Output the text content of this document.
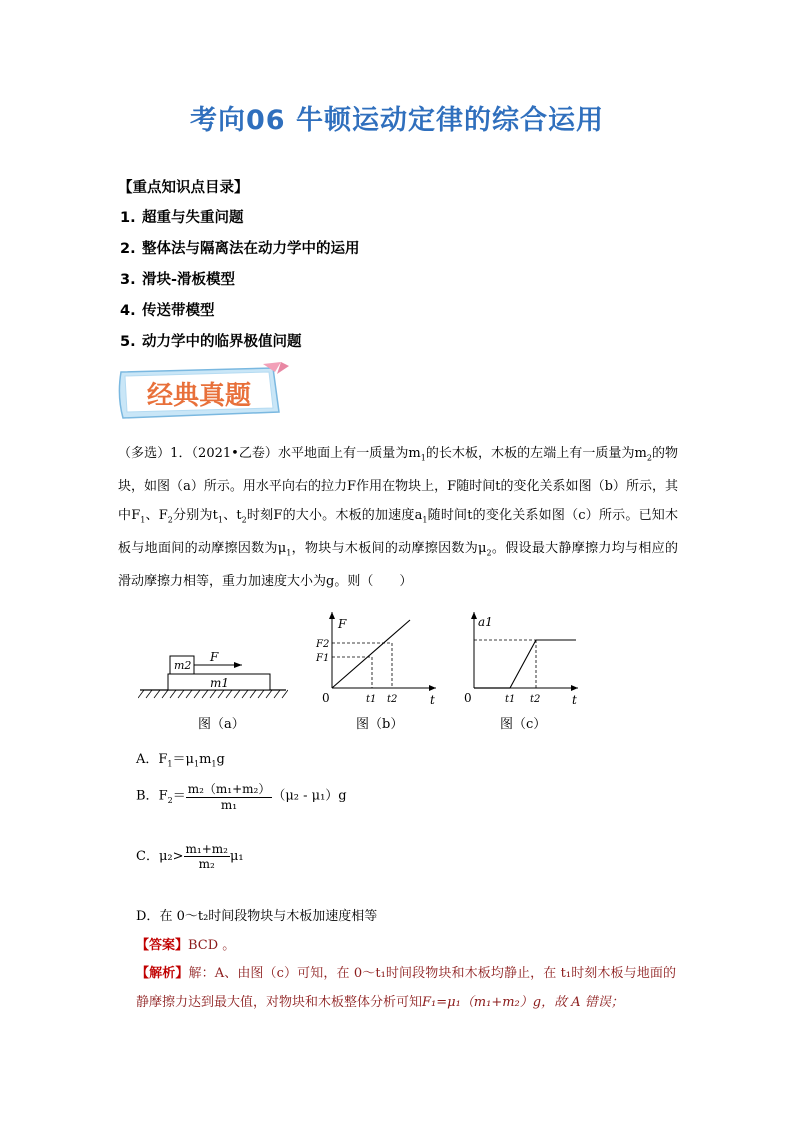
考向06 牛顿运动定律的综合运用
【重点知识点目录】
1. 超重与失重问题
2. 整体法与隔离法在动力学中的运用
3. 滑块-滑板模型
4. 传送带模型
5. 动力学中的临界极值问题
经典真题
（多选）1．（2021•乙卷）水平地面上有一质量为$m_1$的长木板，木板的左端上有一质量为$m_2$的物块，如图（a）所示。用水平向右的拉力F作用在物块上，F随时间t的变化关系如图（b）所示，其中$F_1$、$F_2$分别为$t_1$、$t_2$时刻F的大小。木板的加速度$a_1$随时间t的变化关系如图（c）所示。已知木板与地面间的动摩擦因数为$\mu_1$，物块与木板间的动摩擦因数为$\mu_2$。假设最大静摩擦力均与相应的滑动摩擦力相等，重力加速度大小为g。则（　　）
m1
m2
F
图（a）
F
t
0
F1
F2
t1 t2
图（b）
a1
t
0	t1 t2
图（c）
A．$F_1=\mu_1m_1g$
B．$F_2= \frac{\text{m₂（m₁+m₂）}}{\text{m₁}} (\mu_2 - \mu_1)g$
C．$\mu_2> \frac{\text{m₁+m₂}}{\text{m₂}} \mu_1$
D．在 0～t₂时间段物块与木板加速度相等
【答案】BCD 。
【解析】解：A、由图（c）可知，在 0～t₁时间段物块和木板均静止，在 t₁时刻木板与地面的静摩擦力达到最大值，对物块和木板整体分析可知F₁=μ₁（m₁+m₂）g，故 A 错误；
